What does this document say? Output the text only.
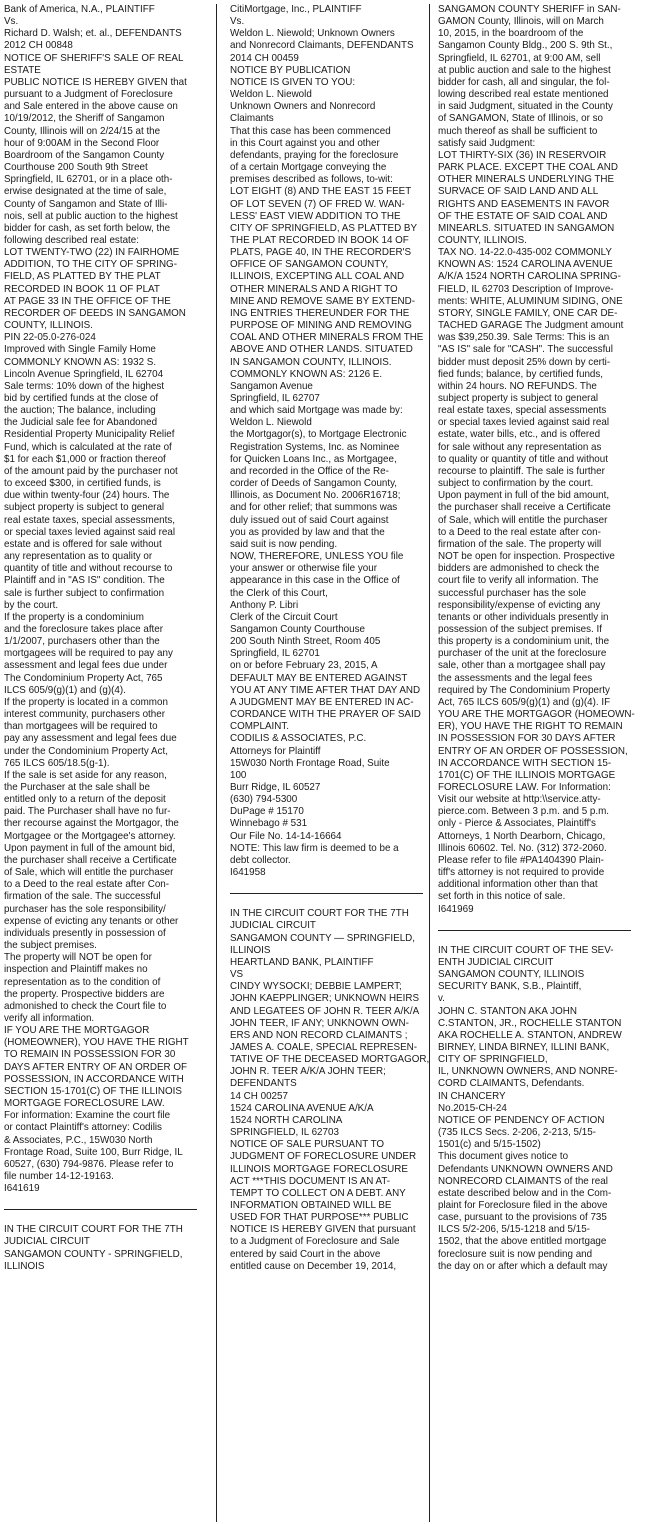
Bank of America, N.A., PLAINTIFF
Vs.
Richard D. Walsh; et. al., DEFENDANTS
2012 CH 00848
NOTICE OF SHERIFF'S SALE OF REAL
ESTATE
PUBLIC NOTICE IS HEREBY GIVEN that
pursuant to a Judgment of Foreclosure
and Sale entered in the above cause on
10/19/2012, the Sheriff of Sangamon
County, Illinois will on 2/24/15 at the
hour of 9:00AM in the Second Floor
Boardroom of the Sangamon County
Courthouse 200 South 9th Street
Springfield, IL 62701, or in a place oth-
erwise designated at the time of sale,
County of Sangamon and State of Illi-
nois, sell at public auction to the highest
bidder for cash, as set forth below, the
following described real estate:
LOT TWENTY-TWO (22) IN FAIRHOME
ADDITION, TO THE CITY OF SPRING-
FIELD, AS PLATTED BY THE PLAT
RECORDED IN BOOK 11 OF PLAT
AT PAGE 33 IN THE OFFICE OF THE
RECORDER OF DEEDS IN SANGAMON
COUNTY, ILLINOIS.
PIN 22-05.0-276-024
Improved with Single Family Home
COMMONLY KNOWN AS: 1932 S.
Lincoln Avenue Springfield, IL 62704
Sale terms: 10% down of the highest
bid by certified funds at the close of
the auction; The balance, including
the Judicial sale fee for Abandoned
Residential Property Municipality Relief
Fund, which is calculated at the rate of
$1 for each $1,000 or fraction thereof
of the amount paid by the purchaser not
to exceed $300, in certified funds, is
due within twenty-four (24) hours. The
subject property is subject to general
real estate taxes, special assessments,
or special taxes levied against said real
estate and is offered for sale without
any representation as to quality or
quantity of title and without recourse to
Plaintiff and in "AS IS" condition. The
sale is further subject to confirmation
by the court.
If the property is a condominium
and the foreclosure takes place after
1/1/2007, purchasers other than the
mortgagees will be required to pay any
assessment and legal fees due under
The Condominium Property Act, 765
ILCS 605/9(g)(1) and (g)(4).
If the property is located in a common
interest community, purchasers other
than mortgagees will be required to
pay any assessment and legal fees due
under the Condominium Property Act,
765 ILCS 605/18.5(g-1).
If the sale is set aside for any reason,
the Purchaser at the sale shall be
entitled only to a return of the deposit
paid. The Purchaser shall have no fur-
ther recourse against the Mortgagor, the
Mortgagee or the Mortgagee's attorney.
Upon payment in full of the amount bid,
the purchaser shall receive a Certificate
of Sale, which will entitle the purchaser
to a Deed to the real estate after Con-
firmation of the sale. The successful
purchaser has the sole responsibility/
expense of evicting any tenants or other
individuals presently in possession of
the subject premises.
The property will NOT be open for
inspection and Plaintiff makes no
representation as to the condition of
the property. Prospective bidders are
admonished to check the Court file to
verify all information.
IF YOU ARE THE MORTGAGOR
(HOMEOWNER), YOU HAVE THE RIGHT
TO REMAIN IN POSSESSION FOR 30
DAYS AFTER ENTRY OF AN ORDER OF
POSSESSION, IN ACCORDANCE WITH
SECTION 15-1701(C) OF THE ILLINOIS
MORTGAGE FORECLOSURE LAW.
For information: Examine the court file
or contact Plaintiff's attorney: Codilis
& Associates, P.C., 15W030 North
Frontage Road, Suite 100, Burr Ridge, IL
60527, (630) 794-9876. Please refer to
file number 14-12-19163.
I641619
IN THE CIRCUIT COURT FOR THE 7TH
JUDICIAL CIRCUIT
SANGAMON COUNTY - SPRINGFIELD,
ILLINOIS
CitiMortgage, Inc., PLAINTIFF
Vs.
Weldon L. Niewold; Unknown Owners
and Nonrecord Claimants, DEFENDANTS
2014 CH 00459
NOTICE BY PUBLICATION
NOTICE IS GIVEN TO YOU:
Weldon L. Niewold
Unknown Owners and Nonrecord
Claimants
That this case has been commenced
in this Court against you and other
defendants, praying for the foreclosure
of a certain Mortgage conveying the
premises described as follows, to-wit:
LOT EIGHT (8) AND THE EAST 15 FEET
OF LOT SEVEN (7) OF FRED W. WAN-
LESS' EAST VIEW ADDITION TO THE
CITY OF SPRINGFIELD, AS PLATTED BY
THE PLAT RECORDED IN BOOK 14 OF
PLATS, PAGE 40, IN THE RECORDER'S
OFFICE OF SANGAMON COUNTY,
ILLINOIS, EXCEPTING ALL COAL AND
OTHER MINERALS AND A RIGHT TO
MINE AND REMOVE SAME BY EXTEND-
ING ENTRIES THEREUNDER FOR THE
PURPOSE OF MINING AND REMOVING
COAL AND OTHER MINERALS FROM THE
ABOVE AND OTHER LANDS. SITUATED
IN SANGAMON COUNTY, ILLINOIS.
COMMONLY KNOWN AS: 2126 E.
Sangamon Avenue
Springfield, IL 62707
and which said Mortgage was made by:
Weldon L. Niewold
the Mortgagor(s), to Mortgage Electronic
Registration Systems, Inc. as Nominee
for Quicken Loans Inc., as Mortgagee,
and recorded in the Office of the Re-
corder of Deeds of Sangamon County,
Illinois, as Document No. 2006R16718;
and for other relief; that summons was
duly issued out of said Court against
you as provided by law and that the
said suit is now pending.
NOW, THEREFORE, UNLESS YOU file
your answer or otherwise file your
appearance in this case in the Office of
the Clerk of this Court,
Anthony P. Libri
Clerk of the Circuit Court
Sangamon County Courthouse
200 South Ninth Street, Room 405
Springfield, IL 62701
on or before February 23, 2015, A
DEFAULT MAY BE ENTERED AGAINST
YOU AT ANY TIME AFTER THAT DAY AND
A JUDGMENT MAY BE ENTERED IN AC-
CORDANCE WITH THE PRAYER OF SAID
COMPLAINT.
CODILIS & ASSOCIATES, P.C.
Attorneys for Plaintiff
15W030 North Frontage Road, Suite
100
Burr Ridge, IL 60527
(630) 794-5300
DuPage # 15170
Winnebago # 531
Our File No. 14-14-16664
NOTE: This law firm is deemed to be a
debt collector.
I641958
IN THE CIRCUIT COURT FOR THE 7TH
JUDICIAL CIRCUIT
SANGAMON COUNTY — SPRINGFIELD,
ILLINOIS
HEARTLAND BANK, PLAINTIFF
VS
CINDY WYSOCKI; DEBBIE LAMPERT;
JOHN KAEPPLINGER; UNKNOWN HEIRS
AND LEGATEES OF JOHN R. TEER A/K/A
JOHN TEER, IF ANY; UNKNOWN OWN-
ERS AND NON RECORD CLAIMANTS ;
JAMES A. COALE, SPECIAL REPRESEN-
TATIVE OF THE DECEASED MORTGAGOR,
JOHN R. TEER A/K/A JOHN TEER;
DEFENDANTS
14 CH 00257
1524 CAROLINA AVENUE A/K/A
1524 NORTH CAROLINA
SPRINGFIELD, IL 62703
NOTICE OF SALE PURSUANT TO
JUDGMENT OF FORECLOSURE UNDER
ILLINOIS MORTGAGE FORECLOSURE
ACT ***THIS DOCUMENT IS AN AT-
TEMPT TO COLLECT ON A DEBT. ANY
INFORMATION OBTAINED WILL BE
USED FOR THAT PURPOSE*** PUBLIC
NOTICE IS HEREBY GIVEN that pursuant
to a Judgment of Foreclosure and Sale
entered by said Court in the above
entitled cause on December 19, 2014,
SANGAMON COUNTY SHERIFF in SAN-
GAMON County, Illinois, will on March
10, 2015, in the boardroom of the
Sangamon County Bldg., 200 S. 9th St.,
Springfield, IL 62701, at 9:00 AM, sell
at public auction and sale to the highest
bidder for cash, all and singular, the fol-
lowing described real estate mentioned
in said Judgment, situated in the County
of SANGAMON, State of Illinois, or so
much thereof as shall be sufficient to
satisfy said Judgment:
LOT THIRTY-SIX (36) IN RESERVOIR
PARK PLACE. EXCEPT THE COAL AND
OTHER MINERALS UNDERLYING THE
SURVACE OF SAID LAND AND ALL
RIGHTS AND EASEMENTS IN FAVOR
OF THE ESTATE OF SAID COAL AND
MINEARLS. SITUATED IN SANGAMON
COUNTY, ILLINOIS.
TAX NO. 14-22.0-435-002 COMMONLY
KNOWN AS: 1524 CAROLINA AVENUE
A/K/A 1524 NORTH CAROLINA SPRING-
FIELD, IL 62703 Description of Improve-
ments: WHITE, ALUMINUM SIDING, ONE
STORY, SINGLE FAMILY, ONE CAR DE-
TACHED GARAGE The Judgment amount
was $39,250.39. Sale Terms: This is an
"AS IS" sale for "CASH". The successful
bidder must deposit 25% down by certi-
fied funds; balance, by certified funds,
within 24 hours. NO REFUNDS. The
subject property is subject to general
real estate taxes, special assessments
or special taxes levied against said real
estate, water bills, etc., and is offered
for sale without any representation as
to quality or quantity of title and without
recourse to plaintiff. The sale is further
subject to confirmation by the court.
Upon payment in full of the bid amount,
the purchaser shall receive a Certificate
of Sale, which will entitle the purchaser
to a Deed to the real estate after con-
firmation of the sale. The property will
NOT be open for inspection. Prospective
bidders are admonished to check the
court file to verify all information. The
successful purchaser has the sole
responsibility/expense of evicting any
tenants or other individuals presently in
possession of the subject premises. If
this property is a condominium unit, the
purchaser of the unit at the foreclosure
sale, other than a mortgagee shall pay
the assessments and the legal fees
required by The Condominium Property
Act, 765 ILCS 605/9(g)(1) and (g)(4). IF
YOU ARE THE MORTGAGOR (HOMEOWN-
ER), YOU HAVE THE RIGHT TO REMAIN
IN POSSESSION FOR 30 DAYS AFTER
ENTRY OF AN ORDER OF POSSESSION,
IN ACCORDANCE WITH SECTION 15-
1701(C) OF THE ILLINOIS MORTGAGE
FORECLOSURE LAW. For Information:
Visit our website at http:\\service.atty-
pierce.com. Between 3 p.m. and 5 p.m.
only - Pierce & Associates, Plaintiff's
Attorneys, 1 North Dearborn, Chicago,
Illinois 60602. Tel. No. (312) 372-2060.
Please refer to file #PA1404390 Plain-
tiff's attorney is not required to provide
additional information other than that
set forth in this notice of sale.
I641969
IN THE CIRCUIT COURT OF THE SEV-
ENTH JUDICIAL CIRCUIT
SANGAMON COUNTY, ILLINOIS
SECURITY BANK, S.B., Plaintiff,
v.
JOHN C. STANTON AKA JOHN
C.STANTON, JR., ROCHELLE STANTON
AKA ROCHELLE A. STANTON, ANDREW
BIRNEY, LINDA BIRNEY, ILLINI BANK,
CITY OF SPRINGFIELD,
IL, UNKNOWN OWNERS, AND NONRE-
CORD CLAIMANTS, Defendants.
IN CHANCERY
No.2015-CH-24
NOTICE OF PENDENCY OF ACTION
(735 ILCS Secs. 2-206, 2-213, 5/15-
1501(c) and 5/15-1502)
This document gives notice to
Defendants UNKNOWN OWNERS AND
NONRECORD CLAIMANTS of the real
estate described below and in the Com-
plaint for Foreclosure filed in the above
case, pursuant to the provisions of 735
ILCS 5/2-206, 5/15-1218 and 5/15-
1502, that the above entitled mortgage
foreclosure suit is now pending and
the day on or after which a default may
